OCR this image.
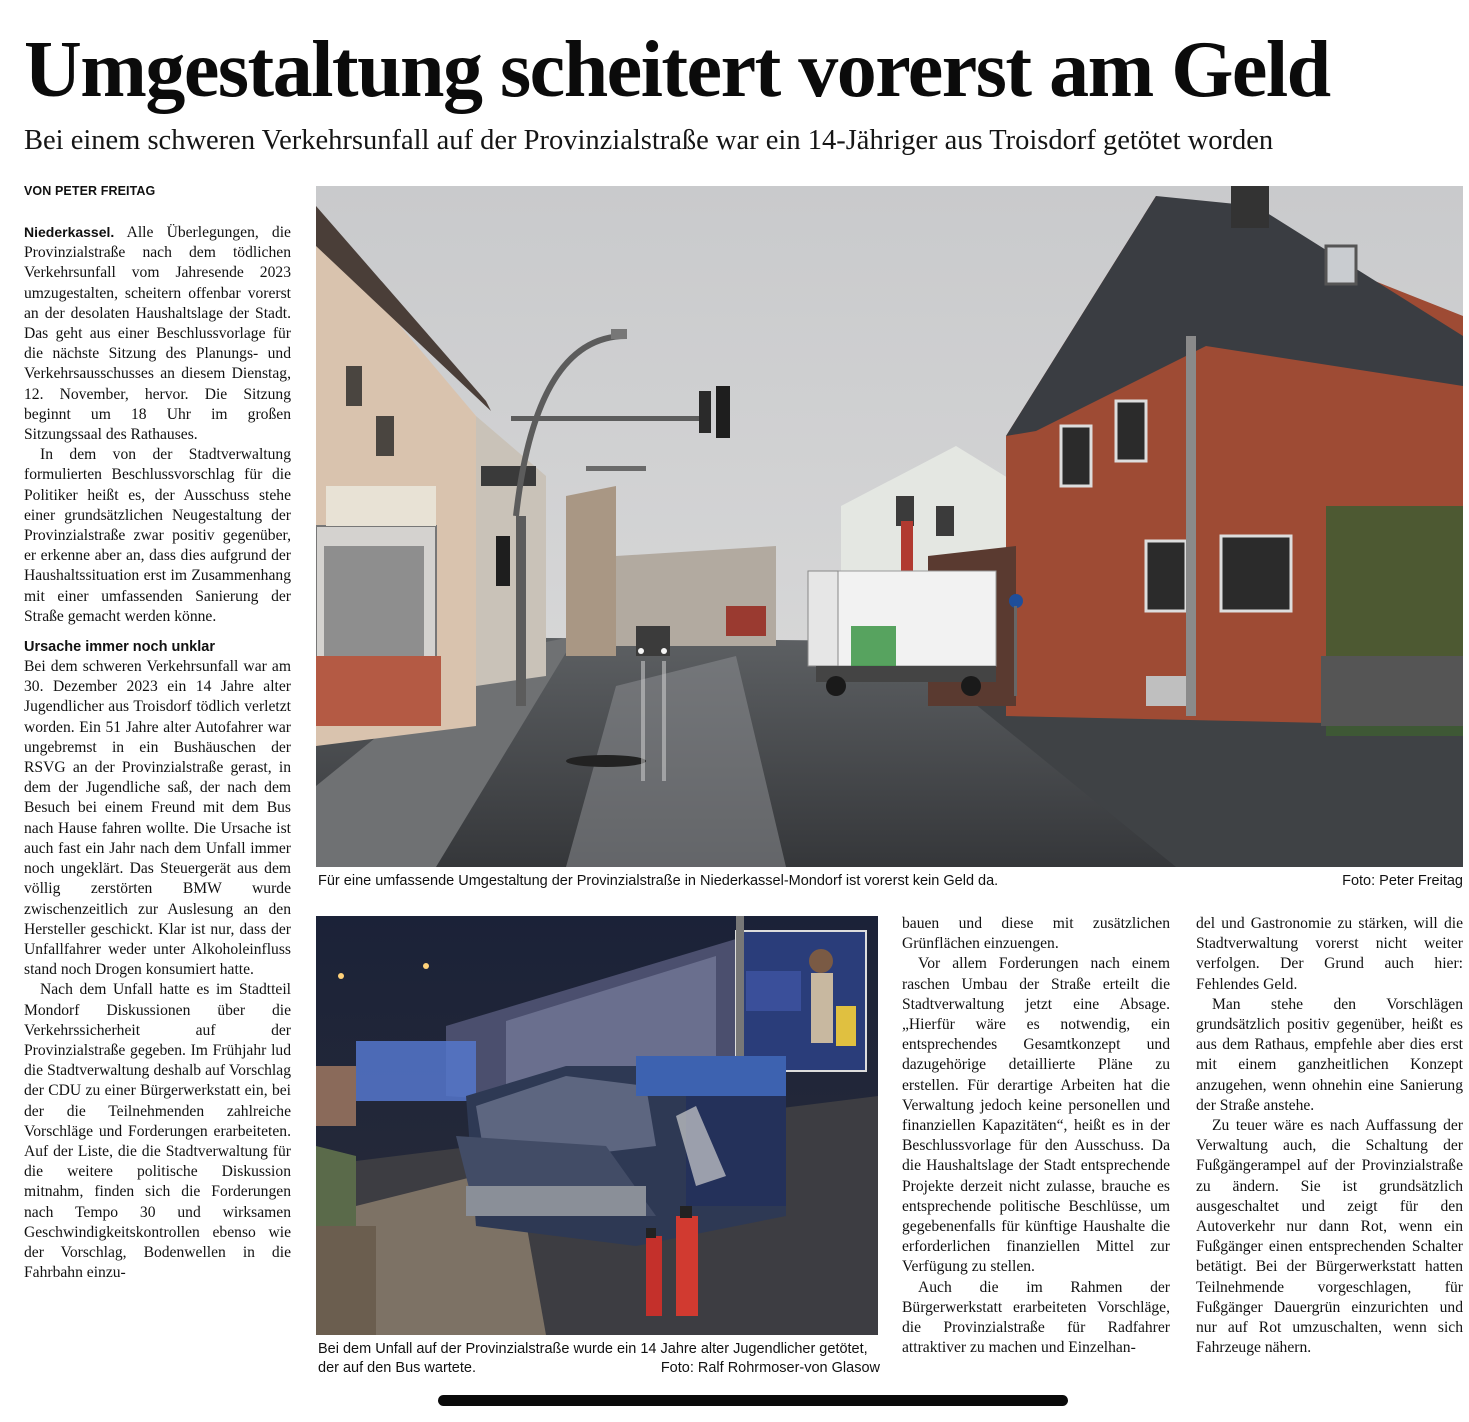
Umgestaltung scheitert vorerst am Geld
Bei einem schweren Verkehrsunfall auf der Provinzialstraße war ein 14-Jähriger aus Troisdorf getötet worden
VON PETER FREITAG

Niederkassel. Alle Überlegungen, die Provinzialstraße nach dem tödlichen Verkehrsunfall vom Jahresende 2023 umzugestalten, scheitern offenbar vorerst an der desolaten Haushaltslage der Stadt. Das geht aus einer Beschlussvorlage für die nächste Sitzung des Planungs- und Verkehrsausschusses an diesem Dienstag, 12. November, hervor. Die Sitzung beginnt um 18 Uhr im großen Sitzungssaal des Rathauses.

In dem von der Stadtverwaltung formulierten Beschlussvorschlag für die Politiker heißt es, der Ausschuss stehe einer grundsätzlichen Neugestaltung der Provinzialstraße zwar positiv gegenüber, er erkenne aber an, dass dies aufgrund der Haushaltssituation erst im Zusammenhang mit einer umfassenden Sanierung der Straße gemacht werden könne.

Ursache immer noch unklar

Bei dem schweren Verkehrsunfall war am 30. Dezember 2023 ein 14 Jahre alter Jugendlicher aus Troisdorf tödlich verletzt worden. Ein 51 Jahre alter Autofahrer war ungebremst in ein Bushäuschen der RSVG an der Provinzialstraße gerast, in dem der Jugendliche saß, der nach dem Besuch bei einem Freund mit dem Bus nach Hause fahren wollte. Die Ursache ist auch fast ein Jahr nach dem Unfall immer noch ungeklärt. Das Steuergerät aus dem völlig zerstörten BMW wurde zwischenzeitlich zur Auslesung an den Hersteller geschickt. Klar ist nur, dass der Unfallfahrer weder unter Alkoholeinfluss stand noch Drogen konsumiert hatte.

Nach dem Unfall hatte es im Stadtteil Mondorf Diskussionen über die Verkehrssicherheit auf der Provinzialstraße gegeben. Im Frühjahr lud die Stadtverwaltung deshalb auf Vorschlag der CDU zu einer Bürgerwerkstatt ein, bei der die Teilnehmenden zahlreiche Vorschläge und Forderungen erarbeiteten. Auf der Liste, die die Stadtverwaltung für die weitere politische Diskussion mitnahm, finden sich die Forderungen nach Tempo 30 und wirksamen Geschwindigkeitskontrollen ebenso wie der Vorschlag, Bodenwellen in die Fahrbahn einzu-

Für eine umfassende Umgestaltung der Provinzialstraße in Niederkassel-Mondorf ist vorerst kein Geld da.	Foto: Peter Freitag
Bei dem Unfall auf der Provinzialstraße wurde ein 14 Jahre alter Jugendlicher getötet, der auf den Bus wartete.	Foto: Ralf Rohrmoser-von Glasow

bauen und diese mit zusätzlichen Grünflächen einzuengen.

Vor allem Forderungen nach einem raschen Umbau der Straße erteilt die Stadtverwaltung jetzt eine Absage. „Hierfür wäre es notwendig, ein entsprechendes Gesamtkonzept und dazugehörige detaillierte Pläne zu erstellen. Für derartige Arbeiten hat die Verwaltung jedoch keine personellen und finanziellen Kapazitäten“, heißt es in der Beschlussvorlage für den Ausschuss. Da die Haushaltslage der Stadt entsprechende Projekte derzeit nicht zulasse, brauche es entsprechende politische Beschlüsse, um gegebenenfalls für künftige Haushalte die erforderlichen finanziellen Mittel zur Verfügung zu stellen.

Auch die im Rahmen der Bürgerwerkstatt erarbeiteten Vorschläge, die Provinzialstraße für Radfahrer attraktiver zu machen und Einzelhan-

del und Gastronomie zu stärken, will die Stadtverwaltung vorerst nicht weiter verfolgen. Der Grund auch hier: Fehlendes Geld.

Man stehe den Vorschlägen grundsätzlich positiv gegenüber, heißt es aus dem Rathaus, empfehle aber dies erst mit einem ganzheitlichen Konzept anzugehen, wenn ohnehin eine Sanierung der Straße anstehe.

Zu teuer wäre es nach Auffassung der Verwaltung auch, die Schaltung der Fußgängerampel auf der Provinzialstraße zu ändern. Sie ist grundsätzlich ausgeschaltet und zeigt für den Autoverkehr nur dann Rot, wenn ein Fußgänger einen entsprechenden Schalter betätigt. Bei der Bürgerwerkstatt hatten Teilnehmende vorgeschlagen, für Fußgänger Dauergrün einzurichten und nur auf Rot umzuschalten, wenn sich Fahrzeuge nähern.
